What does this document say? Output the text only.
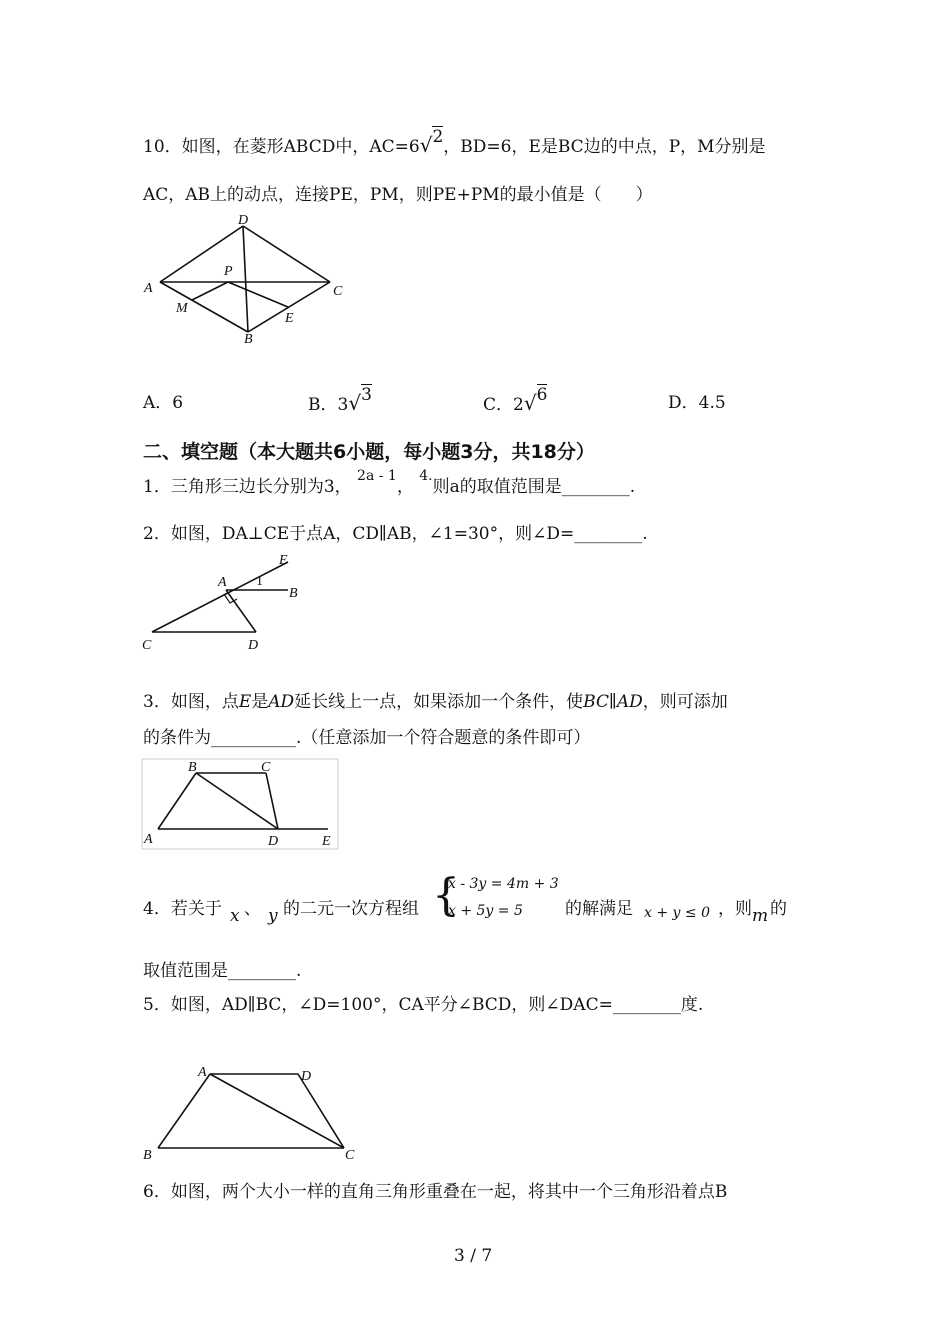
10．如图，在菱形ABCD中，AC=6√2，BD=6，E是BC边的中点，P，M分别是
AC，AB上的动点，连接PE，PM，则PE+PM的最小值是（　　）
D
A	C
P
M
E
B
A．6	B．3√3	C．2√6	D．4.5
二、填空题（本大题共6小题，每小题3分，共18分）
1．三角形三边长分别为3， $^{2a - 1}$， $^{4.}$则a的取值范围是________.
2．如图，DA⊥CE于点A，CD∥AB，∠1=30°，则∠D=________.
E
A 1
B
C	D
3．如图，点E是AD延长线上一点，如果添加一个条件，使BC∥AD，则可添加
的条件为__________.（任意添加一个符合题意的条件即可）
B	C
A	D	E
4．若关于 x 、 y 的二元一次方程组 {
x - 3y = 4m + 3
x + 5y = 5 的解满足 x + y ≤ 0 ，则 m 的
取值范围是________.
5．如图，AD∥BC，∠D=100°，CA平分∠BCD，则∠DAC=________度.
A	D
B	C
6．如图，两个大小一样的直角三角形重叠在一起，将其中一个三角形沿着点B
3 / 7
